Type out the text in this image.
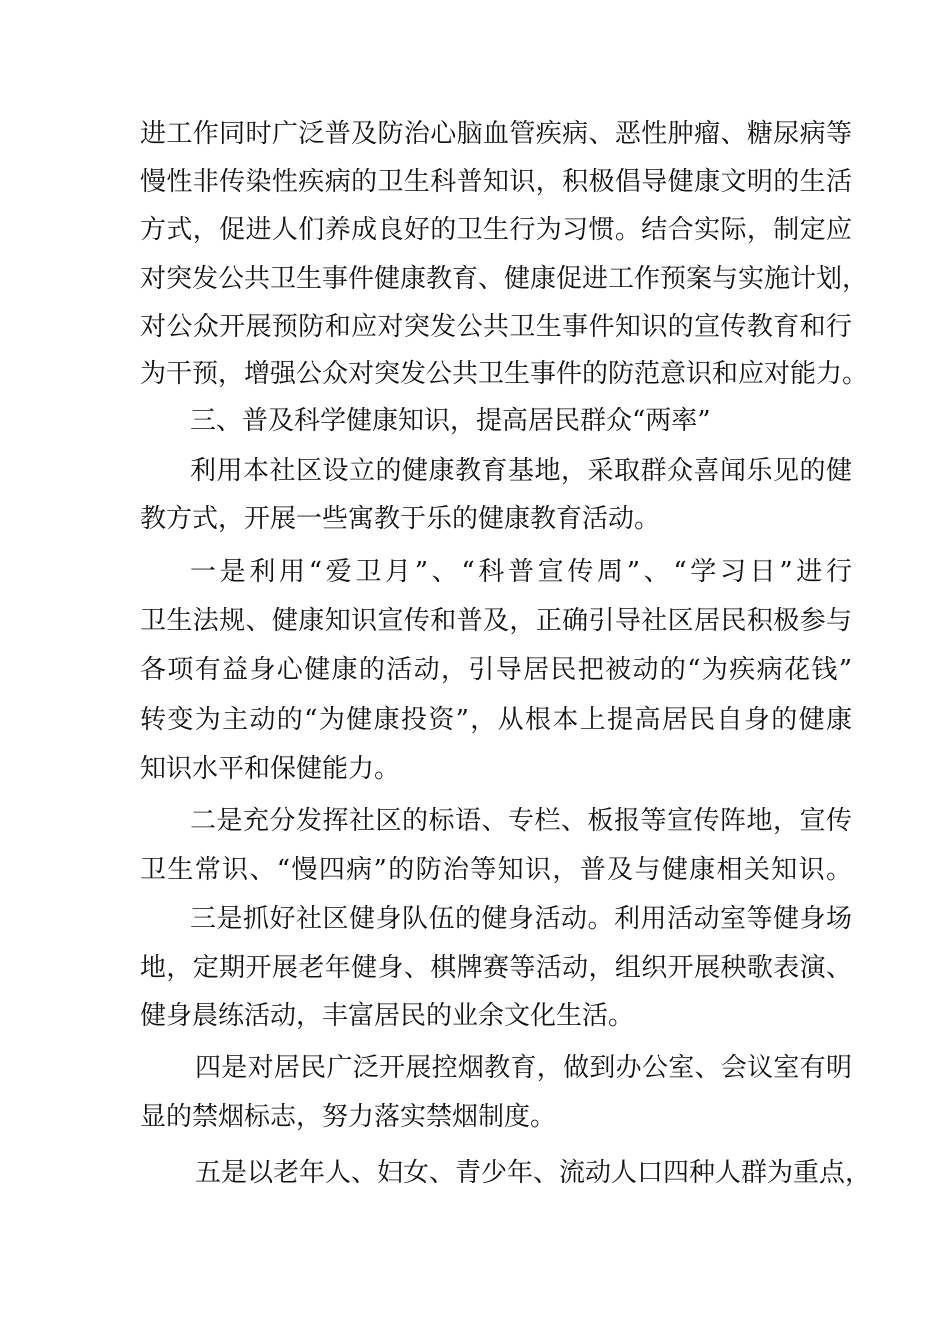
进工作同时广泛普及防治心脑血管疾病、恶性肿瘤、糖尿病等
慢性非传染性疾病的卫生科普知识，积极倡导健康文明的生活
方式，促进人们养成良好的卫生行为习惯。结合实际，制定应
对突发公共卫生事件健康教育、健康促进工作预案与实施计划，
对公众开展预防和应对突发公共卫生事件知识的宣传教育和行
为干预，增强公众对突发公共卫生事件的防范意识和应对能力。
三、普及科学健康知识，提高居民群众“两率”
利用本社区设立的健康教育基地，采取群众喜闻乐见的健
教方式，开展一些寓教于乐的健康教育活动。
一是利用“爱卫月”、“科普宣传周”、“学习日”进行
卫生法规、健康知识宣传和普及，正确引导社区居民积极参与
各项有益身心健康的活动，引导居民把被动的“为疾病花钱”
转变为主动的“为健康投资”，从根本上提高居民自身的健康
知识水平和保健能力。
二是充分发挥社区的标语、专栏、板报等宣传阵地，宣传
卫生常识、“慢四病”的防治等知识，普及与健康相关知识。
三是抓好社区健身队伍的健身活动。利用活动室等健身场
地，定期开展老年健身、棋牌赛等活动，组织开展秧歌表演、
健身晨练活动，丰富居民的业余文化生活。
四是对居民广泛开展控烟教育，做到办公室、会议室有明
显的禁烟标志，努力落实禁烟制度。
五是以老年人、妇女、青少年、流动人口四种人群为重点，
